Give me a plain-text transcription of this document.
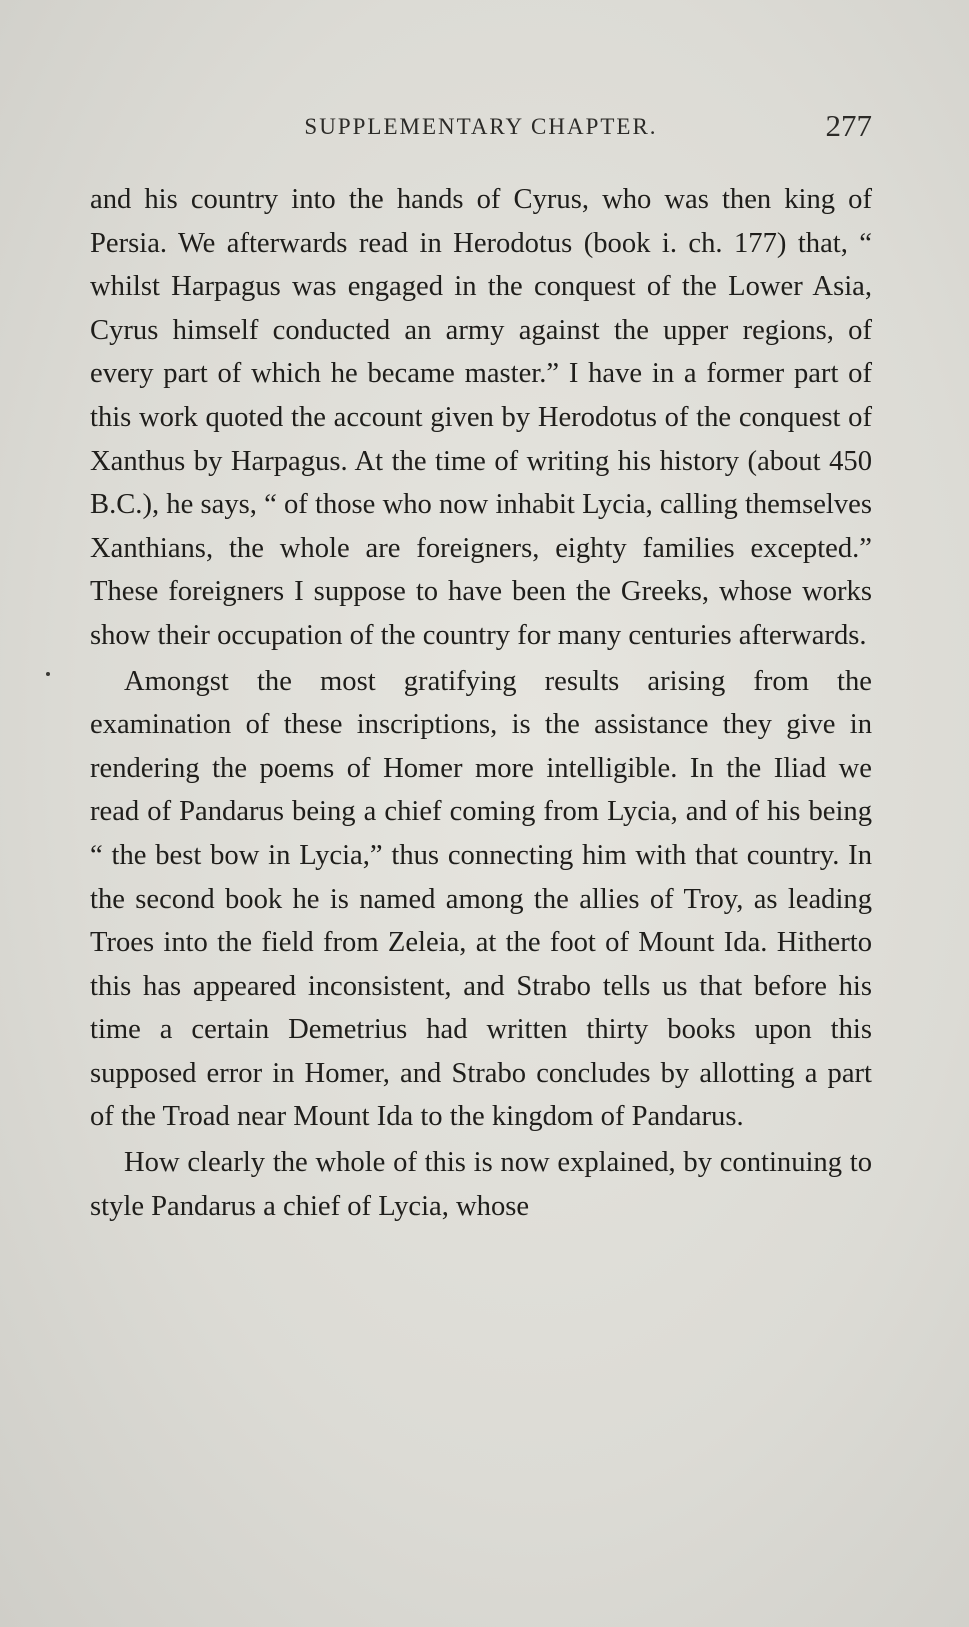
SUPPLEMENTARY CHAPTER.	277

and his country into the hands of Cyrus, who was then king of Persia. We afterwards read in Herodotus (book i. ch. 177) that, “ whilst Harpagus was engaged in the conquest of the Lower Asia, Cyrus himself conducted an army against the upper regions, of every part of which he became master.” I have in a former part of this work quoted the account given by Herodotus of the conquest of Xanthus by Harpagus. At the time of writing his history (about 450 B.C.), he says, “ of those who now inhabit Lycia, calling themselves Xanthians, the whole are foreigners, eighty families excepted.” These foreigners I suppose to have been the Greeks, whose works show their occupation of the country for many centuries afterwards.

Amongst the most gratifying results arising from the examination of these inscriptions, is the assistance they give in rendering the poems of Homer more intelligible. In the Iliad we read of Pandarus being a chief coming from Lycia, and of his being “ the best bow in Lycia,” thus connecting him with that country. In the second book he is named among the allies of Troy, as leading Troes into the field from Zeleia, at the foot of Mount Ida. Hitherto this has appeared inconsistent, and Strabo tells us that before his time a certain Demetrius had written thirty books upon this supposed error in Homer, and Strabo concludes by allotting a part of the Troad near Mount Ida to the kingdom of Pandarus.

How clearly the whole of this is now explained, by continuing to style Pandarus a chief of Lycia, whose
